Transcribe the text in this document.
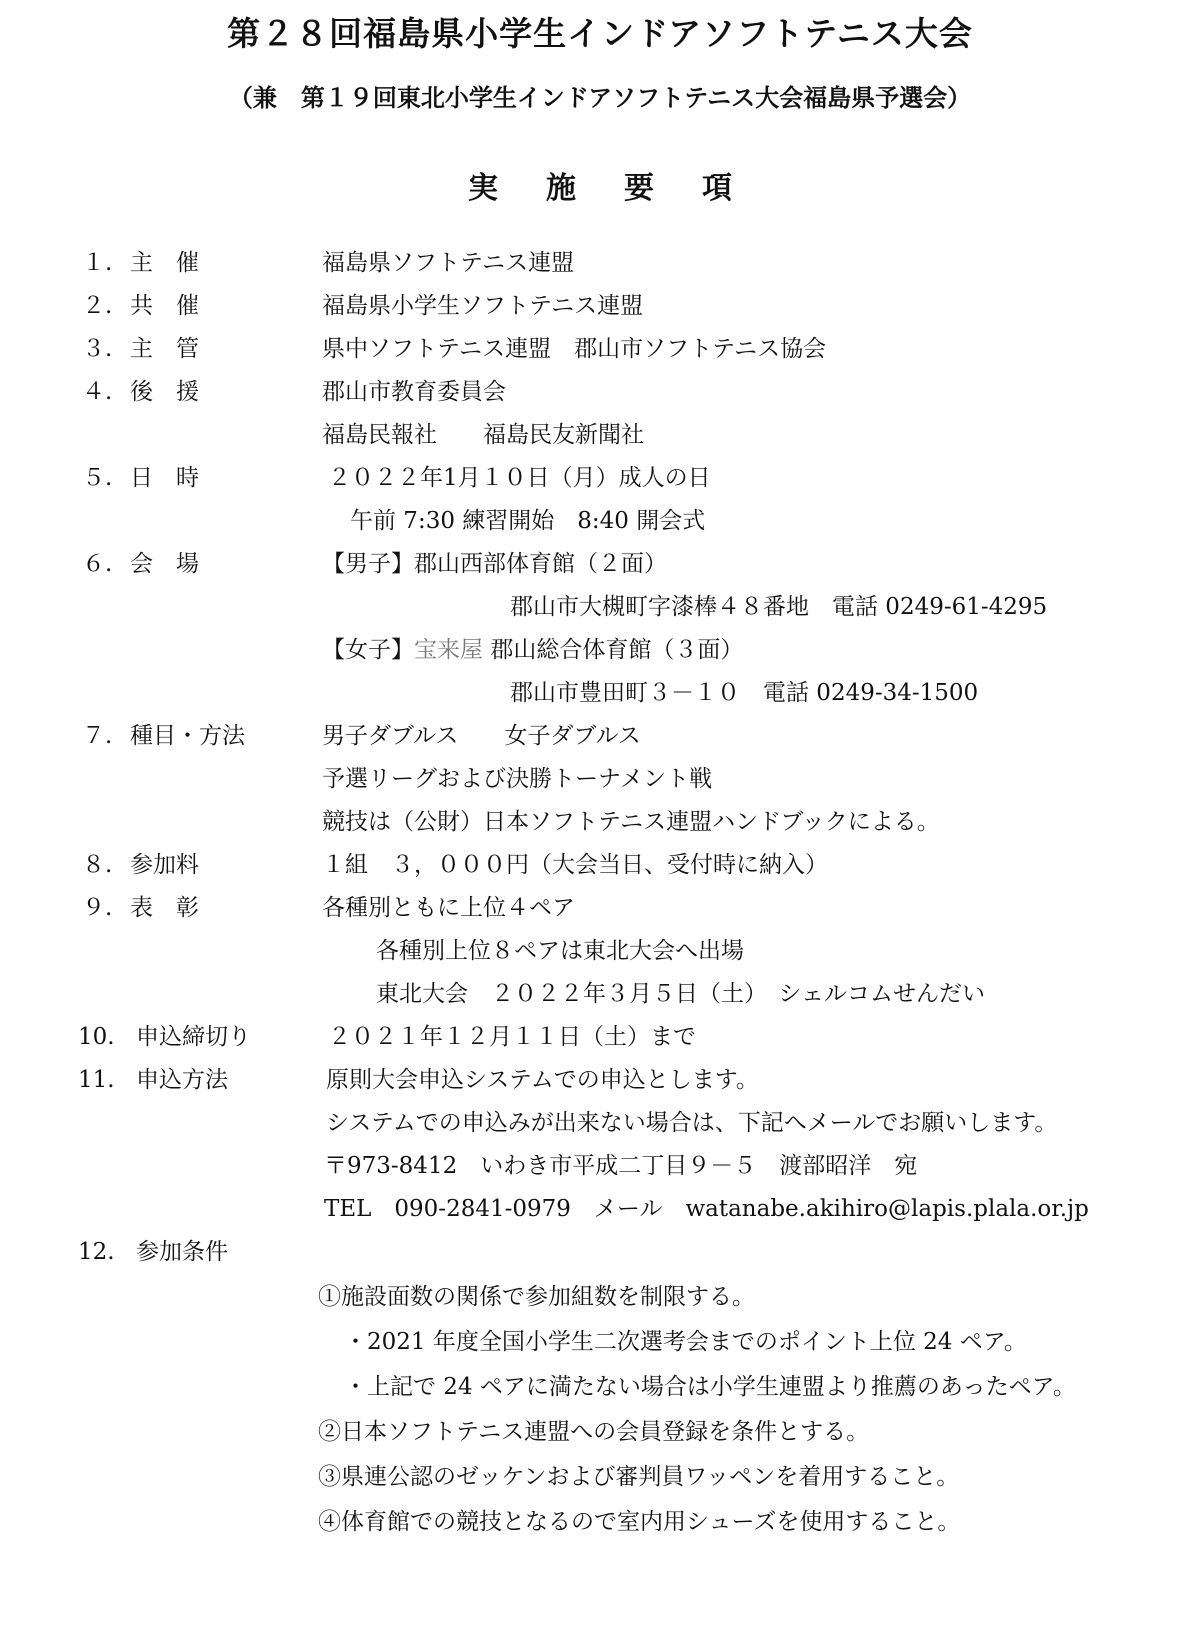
第２８回福島県小学生インドアソフトテニス大会
（兼　第１９回東北小学生インドアソフトテニス大会福島県予選会）
実施要項
１. 主　催	福島県ソフトテニス連盟
２. 共　催	福島県小学生ソフトテニス連盟
３. 主　管	県中ソフトテニス連盟　郡山市ソフトテニス協会
４. 後　援	郡山市教育委員会
福島民報社　　福島民友新聞社
５. 日　時	２０２２年1月１０日（月）成人の日
午前 7:30 練習開始　8:40 開会式
６. 会　場	【男子】郡山西部体育館（２面）
郡山市大槻町字漆棒４８番地　電話 0249-61-4295
【女子】宝来屋 郡山総合体育館（３面）
郡山市豊田町３－１０　電話 0249-34-1500
７. 種目・方法	男子ダブルス　　女子ダブルス
予選リーグおよび決勝トーナメント戦
競技は（公財）日本ソフトテニス連盟ハンドブックによる。
８. 参加料	１組　３，０００円（大会当日、受付時に納入）
９. 表　彰	各種別ともに上位４ペア
各種別上位８ペアは東北大会へ出場
東北大会　２０２２年３月５日（土）　シェルコムせんだい
10. 申込締切り	２０２１年１２月１１日（土）まで
11. 申込方法	原則大会申込システムでの申込とします。
システムでの申込みが出来ない場合は、下記へメールでお願いします。
〒973-8412　いわき市平成二丁目９－５　渡部昭洋　宛
TEL　090-2841-0979　メール　watanabe.akihiro@lapis.plala.or.jp
12. 参加条件
①施設面数の関係で参加組数を制限する。
・2021 年度全国小学生二次選考会までのポイント上位 24 ペア。
・上記で 24 ペアに満たない場合は小学生連盟より推薦のあったペア。
②日本ソフトテニス連盟への会員登録を条件とする。
③県連公認のゼッケンおよび審判員ワッペンを着用すること。
④体育館での競技となるので室内用シューズを使用すること。
